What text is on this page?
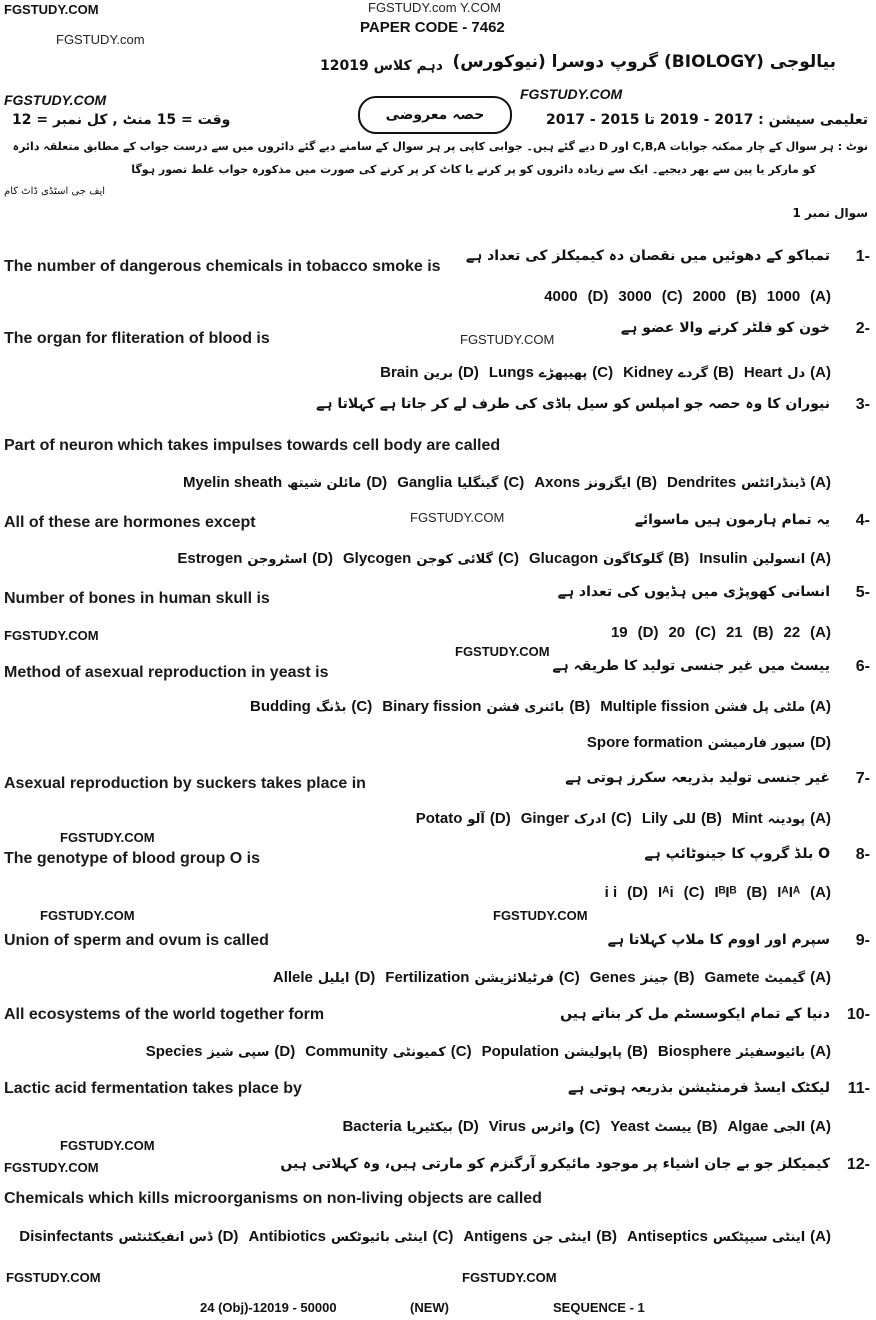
FGSTUDY.COM	FGSTUDY.com Y.COM
FGSTUDY.com
PAPER CODE - 7462
بیالوجی (BIOLOGY) گروپ دوسرا (نیوکورس)
دہم کلاس 12019
FGSTUDY.COM	FGSTUDY.COM
وقت = 15 منٹ , کل نمبر = 12	حصہ معروضی	تعلیمی سیشن : 2017 - 2019 تا 2015 - 2017
نوٹ : ہر سوال کے چار ممکنہ جوابات C,B,A اور D دیے گئے ہیں۔ جوابی کاپی پر ہر سوال کے سامنے دیے گئے دائروں میں سے درست جواب کے مطابق متعلقہ دائرہ
کو مارکر یا پین سے بھر دیجیے۔ ایک سے زیادہ دائروں کو پر کرنے یا کاٹ کر پر کرنے کی صورت میں مذکورہ جواب غلط تصور ہوگا
ایف جی اسٹڈی ڈاٹ کام
سوال نمبر 1
1-
تمباکو کے دھوئیں میں نقصان دہ کیمیکلز کی تعداد ہے
The number of dangerous chemicals in tobacco smoke is
(A)
1000
(B)
2000
(C)
3000
(D)
4000
2-
خون کو فلٹر کرنے والا عضو ہے
The organ for fliteration of blood is
(A)
دل
Heart
(B)
گردے
Kidney
(C)
پھیپھڑے
Lungs
(D)
برین
Brain
3-
نیوران کا وہ حصہ جو امپلس کو سیل باڈی کی طرف لے کر جاتا ہے کہلاتا ہے
Part of neuron which takes impulses towards cell body are called
(A)
ڈینڈرائٹس
Dendrites
(B)
ایگزونز
Axons
(C)
گینگلیا
Ganglia
(D)
مائلن شیتھ
Myelin sheath
4-
یہ تمام ہارمون ہیں ماسوائے
All of these are hormones except
(A)
انسولین
Insulin
(B)
گلوکاگون
Glucagon
(C)
گلائی کوجن
Glycogen
(D)
اسٹروجن
Estrogen
5-
انسانی کھوپڑی میں ہڈیوں کی تعداد ہے
Number of bones in human skull is
(A)
22
(B)
21
(C)
20
(D)
19
6-
ییسٹ میں غیر جنسی تولید کا طریقہ ہے
Method of asexual reproduction in yeast is
(A)
ملٹی پل فشن
Multiple fission
(B)
بائنری فشن
Binary fission
(C)
بڈنگ
Budding
7-
غیر جنسی تولید بذریعہ سکرز ہوتی ہے
Asexual reproduction by suckers takes place in
(A)
پودینہ
Mint
(B)
للی
Lily
(C)
ادرک
Ginger
(D)
آلو
Potato
8-
O بلڈ گروپ کا جینوٹائپ ہے
The genotype of blood group O is
(A)
IᴬIᴬ
(B)
IᴮIᴮ
(C)
Iᴬi
(D)
i i
9-
سپرم اور اووم کا ملاپ کہلاتا ہے
Union of sperm and ovum is called
(A)
گیمیٹ
Gamete
(B)
جینز
Genes
(C)
فرٹیلائزیشن
Fertilization
(D)
ایلیل
Allele
10-
دنیا کے تمام ایکوسسٹم مل کر بناتے ہیں
All ecosystems of the world together form
(A)
بائیوسفیئر
Biosphere
(B)
پاپولیشن
Population
(C)
کمیونٹی
Community
(D)
سپی شیز
Species
11-
لیکٹک ایسڈ فرمنٹیشن بذریعہ ہوتی ہے
Lactic acid fermentation takes place by
(A)
الجی
Algae
(B)
ییسٹ
Yeast
(C)
وائرس
Virus
(D)
بیکٹیریا
Bacteria
12-
کیمیکلز جو بے جان اشیاء پر موجود مائیکرو آرگنزم کو مارتی ہیں، وہ کہلاتی ہیں
Chemicals which kills microorganisms on non-living objects are called
(A)
اینٹی سیپٹکس
Antiseptics
(B)
اینٹی جن
Antigens
(C)
اینٹی بائیوٹکس
Antibiotics
(D)
ڈس انفیکٹنٹس
Disinfectants
(D)
سپور فارمیشن
Spore formation
FGSTUDY.COM
FGSTUDY.COM
FGSTUDY.COM	FGSTUDY.COM
FGSTUDY.COM
FGSTUDY.COM
FGSTUDY.COM
FGSTUDY.COM
FGSTUDY.COM
FGSTUDY.COM	FGSTUDY.COM
24 (Obj)-12019 - 50000	(NEW)	SEQUENCE - 1
